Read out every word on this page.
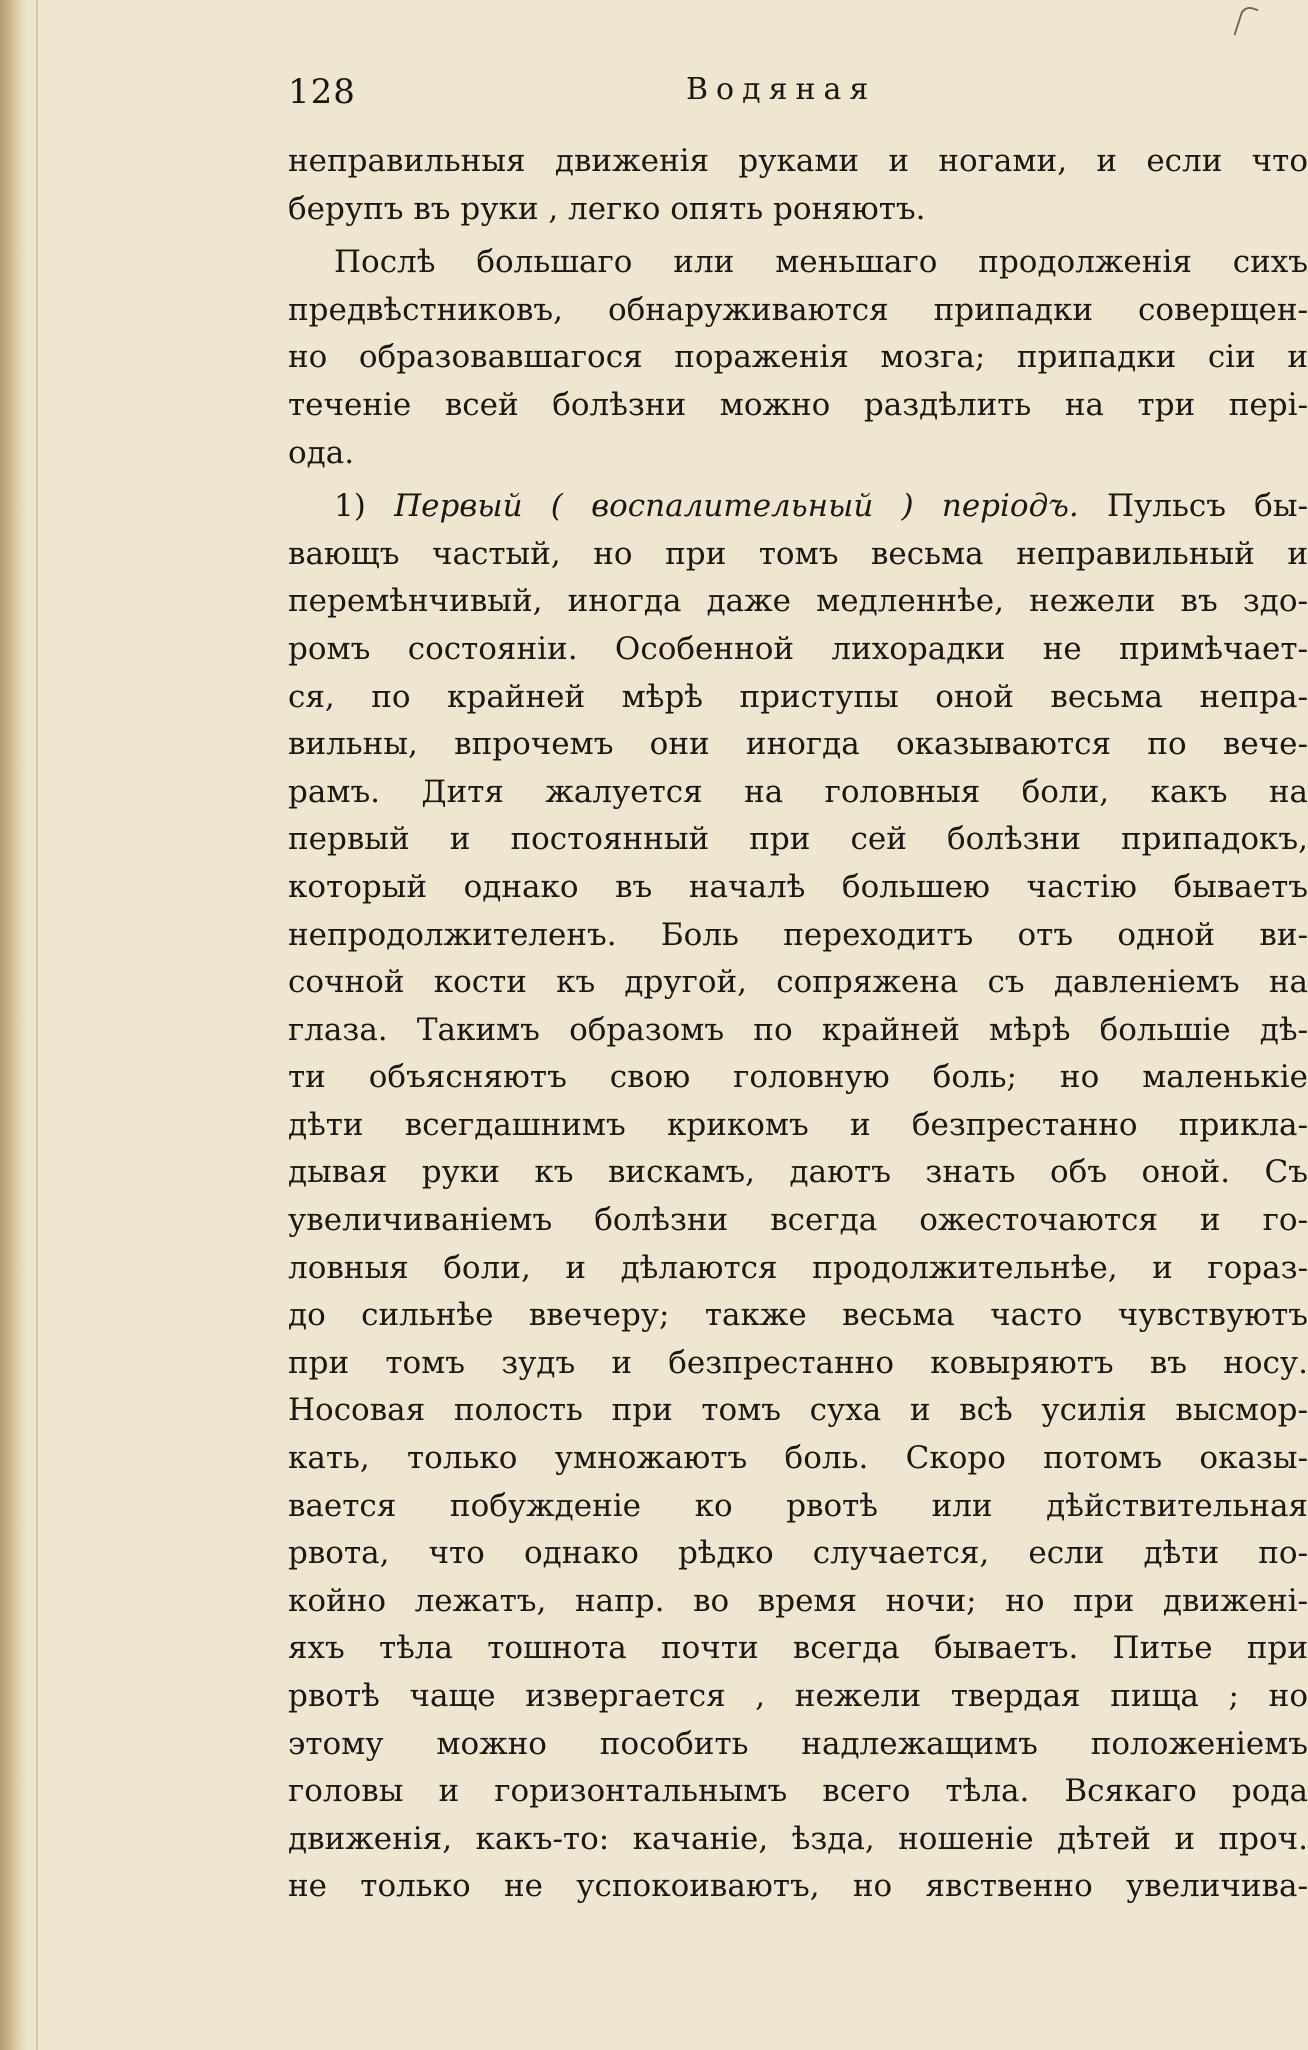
128	Водяная
неправильныя движенія руками и ногами, и если что
берупъ въ руки , легко опять роняютъ.
Послѣ большаго или меньшаго продолженія сихъ
предвѣстниковъ, обнаруживаются припадки соверщен-
но образовавшагося пораженія мозга; припадки сіи и
теченіе всей болѣзни можно раздѣлить на три пері-
ода.
1) Первый ( воспалительный ) періодъ. Пульсъ бы-
вающъ частый, но при томъ весьма неправильный и
перемѣнчивый, иногда даже медленнѣе, нежели въ здо-
ромъ состояніи. Особенной лихорадки не примѣчает-
ся, по крайней мѣрѣ приступы оной весьма непра-
вильны, впрочемъ они иногда оказываются по вече-
рамъ. Дитя жалуется на головныя боли, какъ на
первый и постоянный при сей болѣзни припадокъ,
который однако въ началѣ большею частію бываетъ
непродолжителенъ. Боль переходитъ отъ одной ви-
сочной кости къ другой, сопряжена съ давленіемъ на
глаза. Такимъ образомъ по крайней мѣрѣ большіе дѣ-
ти объясняютъ свою головную боль; но маленькіе
дѣти всегдашнимъ крикомъ и безпрестанно прикла-
дывая руки къ вискамъ, даютъ знать объ оной. Съ
увеличиваніемъ болѣзни всегда ожесточаются и го-
ловныя боли, и дѣлаются продолжительнѣе, и гораз-
до сильнѣе ввечеру; также весьма часто чувствуютъ
при томъ зудъ и безпрестанно ковыряютъ въ носу.
Носовая полость при томъ суха и всѣ усилія высмор-
кать, только умножаютъ боль. Скоро потомъ оказы-
вается побужденіе ко рвотѣ или дѣйствительная
рвота, что однако рѣдко случается, если дѣти по-
койно лежатъ, напр. во время ночи; но при движені-
яхъ тѣла тошнота почти всегда бываетъ. Питье при
рвотѣ чаще извергается , нежели твердая пища ; но
этому можно пособить надлежащимъ положеніемъ
головы и горизонтальнымъ всего тѣла. Всякаго рода
движенія, какъ-то: качаніе, ѣзда, ношеніе дѣтей и проч.
не только не успокоиваютъ, но явственно увеличива-
